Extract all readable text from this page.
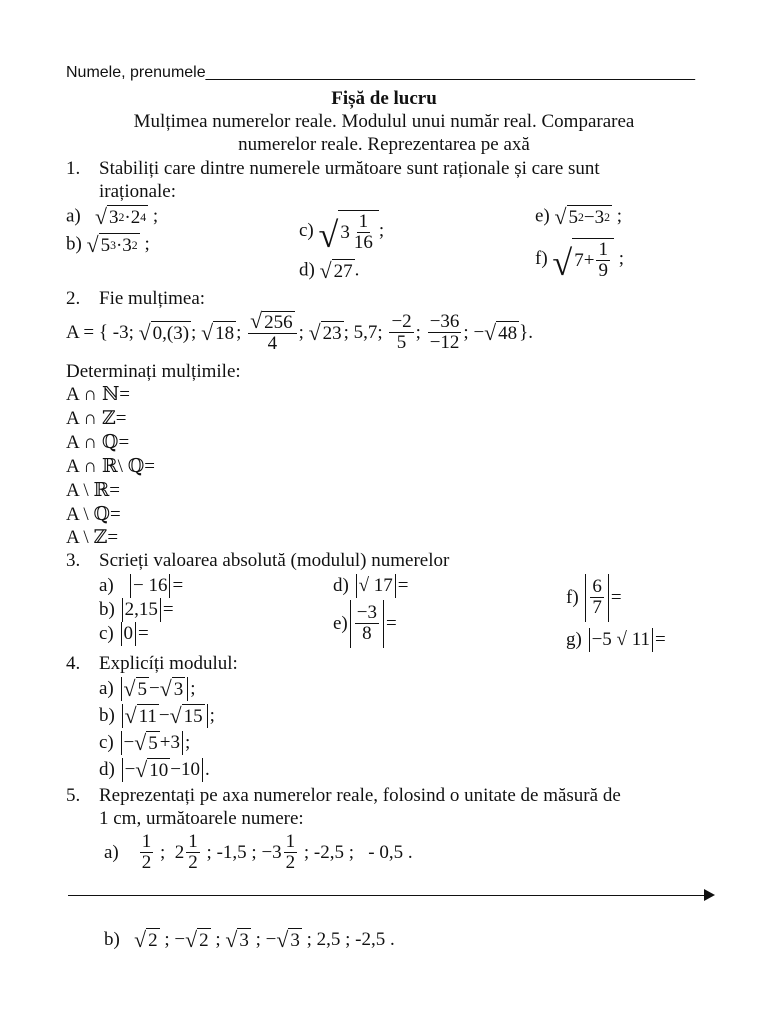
Numele, prenumele_______________________________________________________
Fișă de lucru
Mulțimea numerelor reale. Modulul unui număr real. Compararea
numerelor reale. Reprezentarea pe axă
1. Stabiliți care dintre numerele următoare sunt raționale și care sunt
iraționale:
a) √ 3 2 · 2 4 ;
b) √ 5 3 · 3 2 ;
c) √ $3 \frac{1}{16}$ ;
d) √ 27 .
e) √ 5 2 − 3 2 ;
f) √ $7+ \frac{1}{9}$ ;
2. Fie mulțimea:
A = { -3;
√ 0,(3) ;
√ 18 ;
$\frac{√ 256}{4}$ ;
√ 23 ; 5,7;
$\frac{-2}{5}$ ;
$\frac{-36}{-12}$ ;
− √ 48 }.
Determinați mulțimile:
A ∩ ℕ=
A ∩ ℤ=
A ∩ ℚ=
A ∩ ℝ\ ℚ=
A \ ℝ=
A \ ℚ=
A \ ℤ=
3. Scrieți valoarea absolută (modulul) numerelor
a)
− 16 =
b)
2,15 =
c)
0 =
d)
√ 17 =
$e) \frac{-3}{8}$ =
f)
$\frac{6}{7}$ =
g)
−5 √ 11 =
4. Explicíți modulul:
a)
√ 5 − √ 3 ;
b)
√ 11 − √ 15 ;
c)
− √ 5 +3 ;
d)
− √ 10 −10 .
5. Reprezentați pe axa numerelor reale, folosind o unitate de măsură de
1 cm, următoarele numere:
a)
$\frac{1}{2}$
;
$2 \frac{1}{2}$
; -1,5 ;
$-3 \frac{1}{2}$
; -2,5 ;   - 0,5 .
b)
√ 2
;
− √ 2
;
√ 3
;
− √ 3
; 2,5 ; -2,5 .
